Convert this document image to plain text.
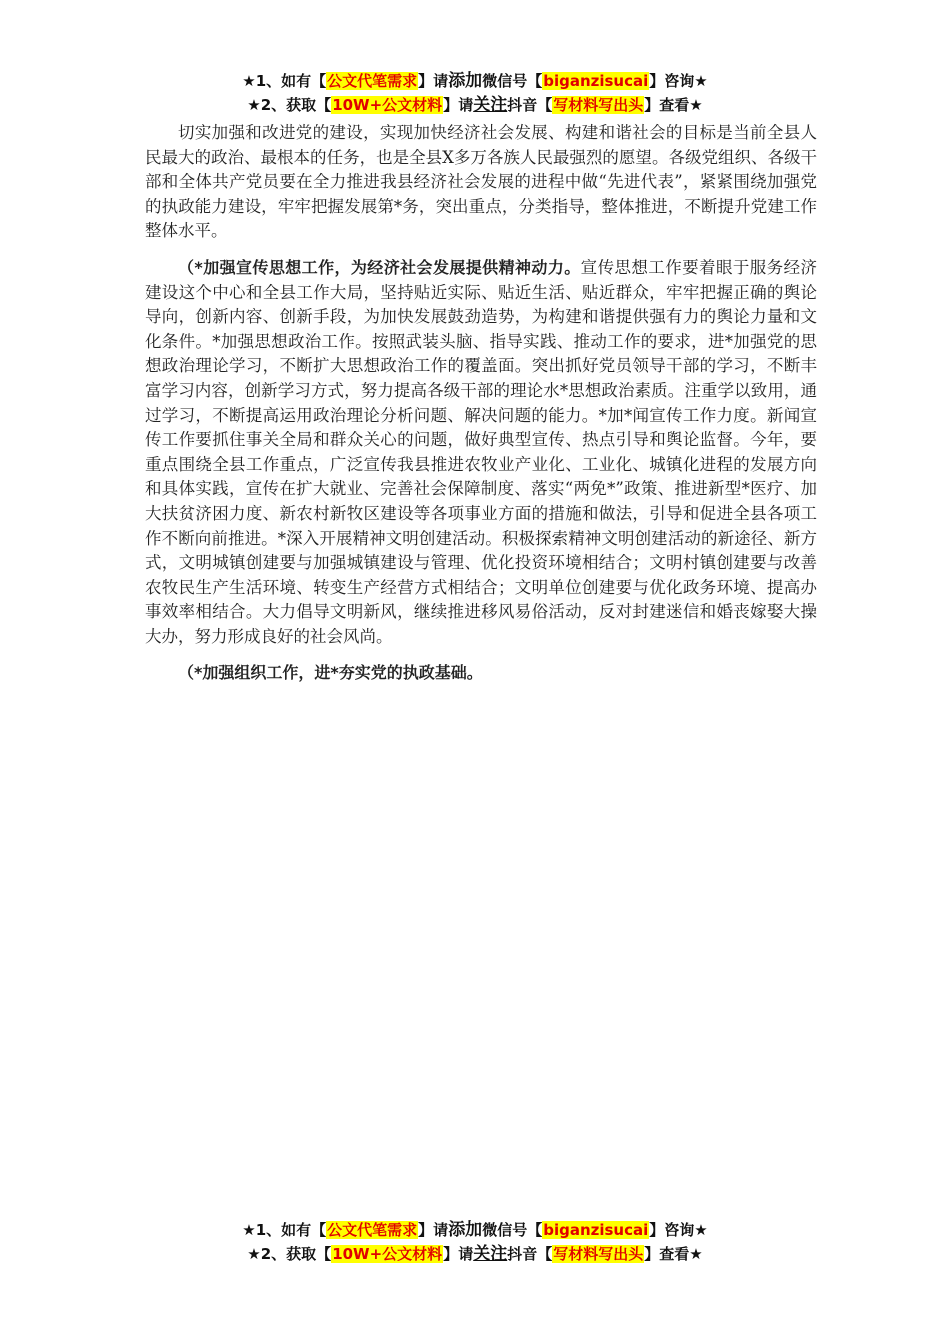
★1、如有【公文代笔需求】请添加微信号【biganzisucai】咨询★
★2、获取【10W+公文材料】请关注抖音【写材料写出头】查看★

切实加强和改进党的建设，实现加快经济社会发展、构建和谐社会的目标是当前全县人民最大的政治、最根本的任务，也是全县X多万各族人民最强烈的愿望。各级党组织、各级干部和全体共产党员要在全力推进我县经济社会发展的进程中做“先进代表”，紧紧围绕加强党的执政能力建设，牢牢把握发展第*务，突出重点，分类指导，整体推进，不断提升党建工作整体水平。

（*加强宣传思想工作，为经济社会发展提供精神动力。宣传思想工作要着眼于服务经济建设这个中心和全县工作大局，坚持贴近实际、贴近生活、贴近群众，牢牢把握正确的舆论导向，创新内容、创新手段，为加快发展鼓劲造势，为构建和谐提供强有力的舆论力量和文化条件。*加强思想政治工作。按照武装头脑、指导实践、推动工作的要求，进*加强党的思想政治理论学习，不断扩大思想政治工作的覆盖面。突出抓好党员领导干部的学习，不断丰富学习内容，创新学习方式，努力提高各级干部的理论水*思想政治素质。注重学以致用，通过学习，不断提高运用政治理论分析问题、解决问题的能力。*加*闻宣传工作力度。新闻宣传工作要抓住事关全局和群众关心的问题，做好典型宣传、热点引导和舆论监督。今年，要重点围绕全县工作重点，广泛宣传我县推进农牧业产业化、工业化、城镇化进程的发展方向和具体实践，宣传在扩大就业、完善社会保障制度、落实“两免*”政策、推进新型*医疗、加大扶贫济困力度、新农村新牧区建设等各项事业方面的措施和做法，引导和促进全县各项工作不断向前推进。*深入开展精神文明创建活动。积极探索精神文明创建活动的新途径、新方式，文明城镇创建要与加强城镇建设与管理、优化投资环境相结合；文明村镇创建要与改善农牧民生产生活环境、转变生产经营方式相结合；文明单位创建要与优化政务环境、提高办事效率相结合。大力倡导文明新风，继续推进移风易俗活动，反对封建迷信和婚丧嫁娶大操大办，努力形成良好的社会风尚。

（*加强组织工作，进*夯实党的执政基础。

★1、如有【公文代笔需求】请添加微信号【biganzisucai】咨询★
★2、获取【10W+公文材料】请关注抖音【写材料写出头】查看★
